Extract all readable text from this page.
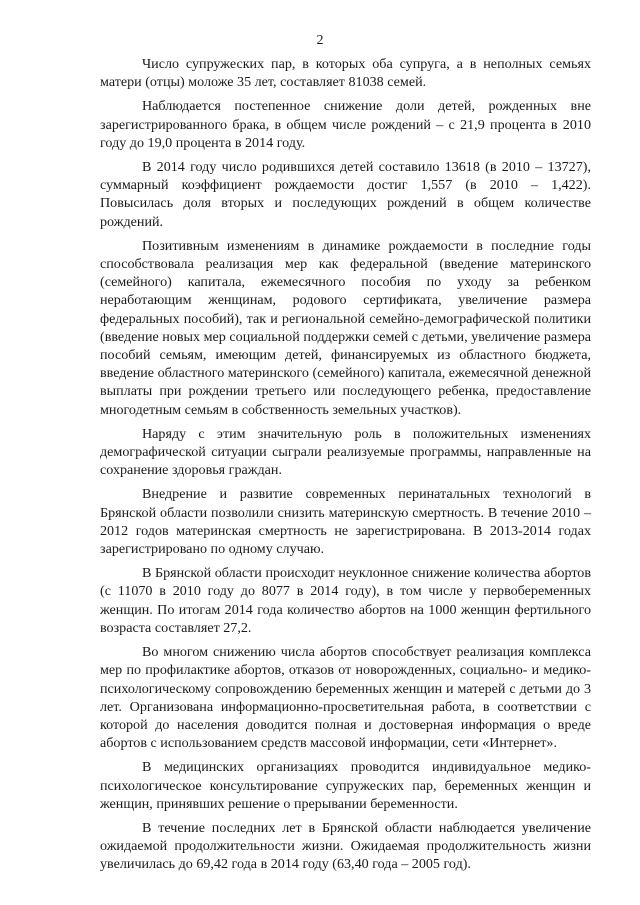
2

Число супружеских пар, в которых оба супруга, а в неполных семьях матери (отцы) моложе 35 лет, составляет 81038 семей.

Наблюдается постепенное снижение доли детей, рожденных вне зарегистрированного брака, в общем числе рождений – с 21,9 процента в 2010 году до 19,0 процента в 2014 году.

В 2014 году число родившихся детей составило 13618 (в 2010 – 13727), суммарный коэффициент рождаемости достиг 1,557 (в 2010 – 1,422). Повысилась доля вторых и последующих рождений в общем количестве рождений.

Позитивным изменениям в динамике рождаемости в последние годы способствовала реализация мер как федеральной (введение материнского (семейного) капитала, ежемесячного пособия по уходу за ребенком неработающим женщинам, родового сертификата, увеличение размера федеральных пособий), так и региональной семейно-демографической политики (введение новых мер социальной поддержки семей с детьми, увеличение размера пособий семьям, имеющим детей, финансируемых из областного бюджета, введение областного материнского (семейного) капитала, ежемесячной денежной выплаты при рождении третьего или последующего ребенка, предоставление многодетным семьям в собственность земельных участков).

Наряду с этим значительную роль в положительных изменениях демографической ситуации сыграли реализуемые программы, направленные на сохранение здоровья граждан.

Внедрение и развитие современных перинатальных технологий в Брянской области позволили снизить материнскую смертность. В течение 2010 – 2012 годов материнская смертность не зарегистрирована. В 2013-2014 годах зарегистрировано по одному случаю.

В Брянской области происходит неуклонное снижение количества абортов (с 11070 в 2010 году до 8077 в 2014 году), в том числе у первобеременных женщин. По итогам 2014 года количество абортов на 1000 женщин фертильного возраста составляет 27,2.

Во многом снижению числа абортов способствует реализация комплекса мер по профилактике абортов, отказов от новорожденных, социально- и медико-психологическому сопровождению беременных женщин и матерей с детьми до 3 лет. Организована информационно-просветительная работа, в соответствии с которой до населения доводится полная и достоверная информация о вреде абортов с использованием средств массовой информации, сети «Интернет».

В медицинских организациях проводится индивидуальное медико-психологическое консультирование супружеских пар, беременных женщин и женщин, принявших решение о прерывании беременности.

В течение последних лет в Брянской области наблюдается увеличение ожидаемой продолжительности жизни. Ожидаемая продолжительность жизни увеличилась до 69,42 года в 2014 году (63,40 года – 2005 год).
